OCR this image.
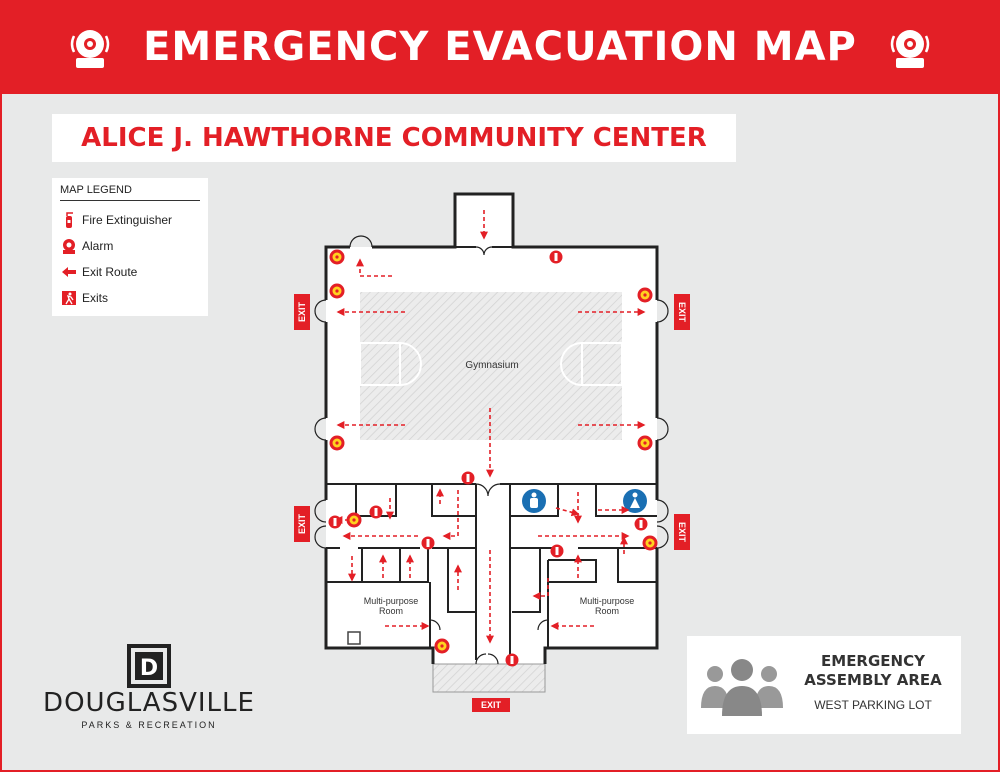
EMERGENCY EVACUATION MAP
ALICE J. HAWTHORNE COMMUNITY CENTER
MAP LEGEND
Fire Extinguisher
Alarm
Exit Route
Exits
Gymnasium
Multi-purpose Room
Multi-purpose Room
EXIT
EXIT
EXIT
EXIT
EXIT
EMERGENCY ASSEMBLY AREA
WEST PARKING LOT
D
DOUGLASVILLE
PARKS & RECREATION
